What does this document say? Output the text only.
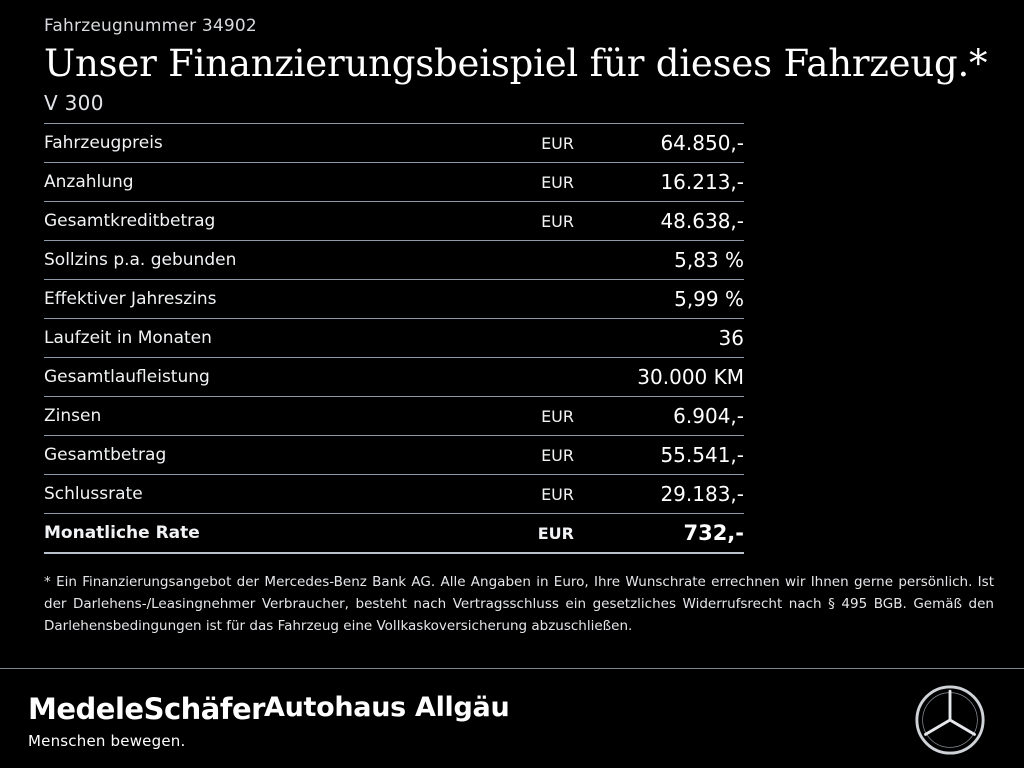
Fahrzeugnummer 34902
Unser Finanzierungsbeispiel für dieses Fahrzeug.*
V 300
Fahrzeugpreis	EUR	64.850,-
Anzahlung	EUR	16.213,-
Gesamtkreditbetrag	EUR	48.638,-
Sollzins p.a. gebunden		5,83 %
Effektiver Jahreszins		5,99 %
Laufzeit in Monaten		36
Gesamtlaufleistung		30.000 KM
Zinsen	EUR	6.904,-
Gesamtbetrag	EUR	55.541,-
Schlussrate	EUR	29.183,-
Monatliche Rate	EUR	732,-
* Ein Finanzierungsangebot der Mercedes-Benz Bank AG. Alle Angaben in Euro, Ihre Wunschrate errechnen wir Ihnen gerne persönlich. Ist der Darlehens-/Leasingnehmer Verbraucher, besteht nach Vertragsschluss ein gesetzliches Widerrufsrecht nach § 495 BGB. Gemäß den Darlehensbedingungen ist für das Fahrzeug eine Vollkaskoversicherung abzuschließen.
MedeleSchäfer
Menschen bewegen.
Autohaus Allgäu
